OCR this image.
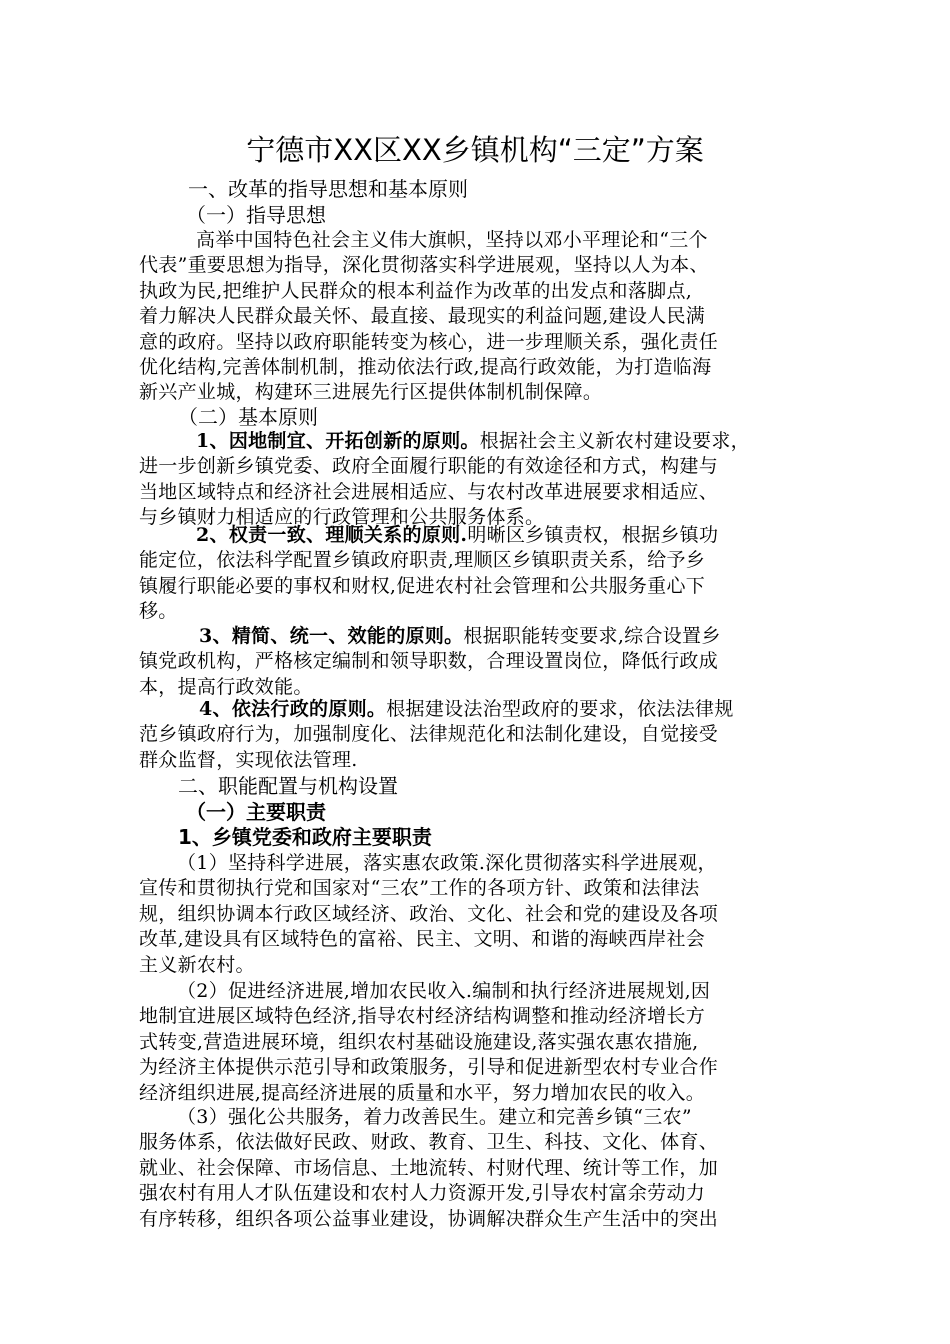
宁德市XX区XX乡镇机构“三定”方案
一、改革的指导思想和基本原则
（一）指导思想
高举中国特色社会主义伟大旗帜，坚持以邓小平理论和“三个
代表”重要思想为指导，深化贯彻落实科学进展观，坚持以人为本、
执政为民,把维护人民群众的根本利益作为改革的出发点和落脚点,
着力解决人民群众最关怀、最直接、最现实的利益问题,建设人民满
意的政府。坚持以政府职能转变为核心，进一步理顺关系，强化责任
优化结构,完善体制机制，推动依法行政,提高行政效能，为打造临海
新兴产业城，构建环三进展先行区提供体制机制保障。
（二）基本原则
1、因地制宜、开拓创新的原则。根据社会主义新农村建设要求，
进一步创新乡镇党委、政府全面履行职能的有效途径和方式，构建与
当地区域特点和经济社会进展相适应、与农村改革进展要求相适应、
与乡镇财力相适应的行政管理和公共服务体系。
2、权责一致、理顺关系的原则.明晰区乡镇责权，根据乡镇功
能定位，依法科学配置乡镇政府职责,理顺区乡镇职责关系，给予乡
镇履行职能必要的事权和财权,促进农村社会管理和公共服务重心下
移。
3、精简、统一、效能的原则。根据职能转变要求,综合设置乡
镇党政机构，严格核定编制和领导职数，合理设置岗位，降低行政成
本，提高行政效能。
4、依法行政的原则。根据建设法治型政府的要求，依法法律规
范乡镇政府行为，加强制度化、法律规范化和法制化建设，自觉接受
群众监督，实现依法管理.
二、职能配置与机构设置
（一）主要职责
1、乡镇党委和政府主要职责
（1）坚持科学进展，落实惠农政策.深化贯彻落实科学进展观，
宣传和贯彻执行党和国家对“三农”工作的各项方针、政策和法律法
规，组织协调本行政区域经济、政治、文化、社会和党的建设及各项
改革,建设具有区域特色的富裕、民主、文明、和谐的海峡西岸社会
主义新农村。
（2）促进经济进展,增加农民收入.编制和执行经济进展规划,因
地制宜进展区域特色经济,指导农村经济结构调整和推动经济增长方
式转变,营造进展环境，组织农村基础设施建设,落实强农惠农措施,
为经济主体提供示范引导和政策服务，引导和促进新型农村专业合作
经济组织进展,提高经济进展的质量和水平，努力增加农民的收入。
（3）强化公共服务，着力改善民生。建立和完善乡镇“三农”
服务体系，依法做好民政、财政、教育、卫生、科技、文化、体育、
就业、社会保障、市场信息、土地流转、村财代理、统计等工作，加
强农村有用人才队伍建设和农村人力资源开发,引导农村富余劳动力
有序转移，组织各项公益事业建设，协调解决群众生产生活中的突出
